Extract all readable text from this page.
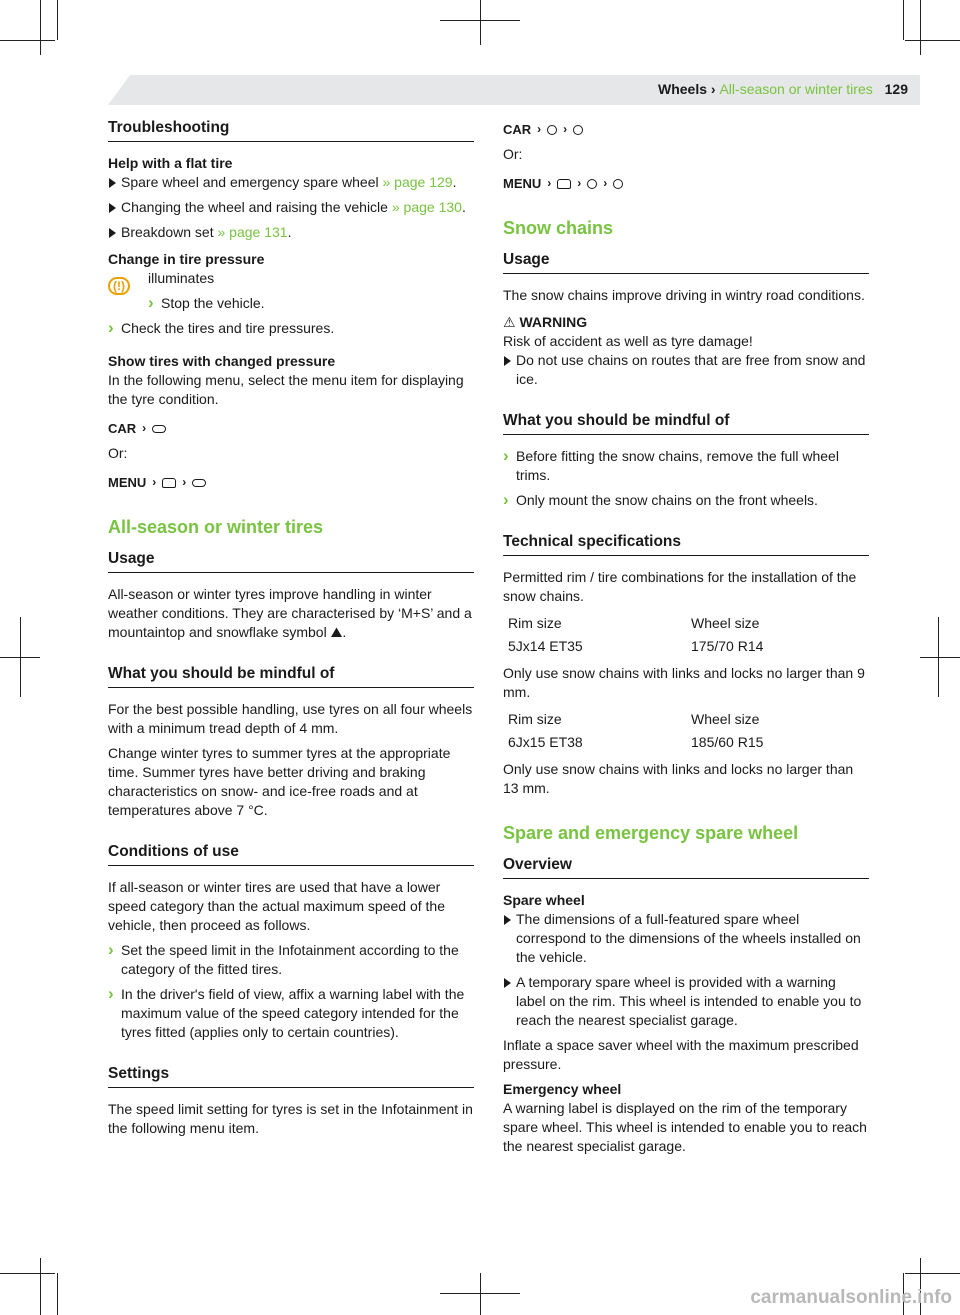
Wheels › All-season or winter tires 129
Troubleshooting
Help with a flat tire
Spare wheel and emergency spare wheel » page 129.
Changing the wheel and raising the vehicle » page 130.
Breakdown set » page 131.
Change in tire pressure
(!)	illuminates
› Stop the vehicle.
› Check the tires and tire pressures.
Show tires with changed pressure

In the following menu, select the menu item for displaying the tyre condition.

CAR ›

Or:

MENU › ›
All-season or winter tires
Usage

All-season or winter tyres improve handling in winter weather conditions. They are characterised by ‘M+S’ and a mountaintop and snowflake symbol ⛰.

What you should be mindful of

For the best possible handling, use tyres on all four wheels with a minimum tread depth of 4 mm.

Change winter tyres to summer tyres at the appropriate time. Summer tyres have better driving and braking characteristics on snow- and ice-free roads and at temperatures above 7 °C.

Conditions of use

If all-season or winter tires are used that have a lower speed category than the actual maximum speed of the vehicle, then proceed as follows.

› Set the speed limit in the Infotainment according to the category of the fitted tires.
› In the driver's field of view, affix a warning label with the maximum value of the speed category intended for the tyres fitted (applies only to certain countries).
Settings

The speed limit setting for tyres is set in the Infotainment in the following menu item.

CAR › ›

Or:

MENU › › ›
Snow chains
Usage

The snow chains improve driving in wintry road conditions.

⚠ WARNING
Risk of accident as well as tyre damage!
Do not use chains on routes that are free from snow and ice.
What you should be mindful of
› Before fitting the snow chains, remove the full wheel trims.
› Only mount the snow chains on the front wheels.
Technical specifications

Permitted rim / tire combinations for the installation of the snow chains.

Rim size	Wheel size
5Jx14 ET35	175/70 R14

Only use snow chains with links and locks no larger than 9 mm.

Rim size	Wheel size
6Jx15 ET38	185/60 R15

Only use snow chains with links and locks no larger than 13 mm.

Spare and emergency spare wheel
Overview
Spare wheel
The dimensions of a full-featured spare wheel correspond to the dimensions of the wheels installed on the vehicle.
A temporary spare wheel is provided with a warning label on the rim. This wheel is intended to enable you to reach the nearest specialist garage.

Inflate a space saver wheel with the maximum prescribed pressure.

Emergency wheel

A warning label is displayed on the rim of the temporary spare wheel. This wheel is intended to enable you to reach the nearest specialist garage.

carmanualsonline.info
